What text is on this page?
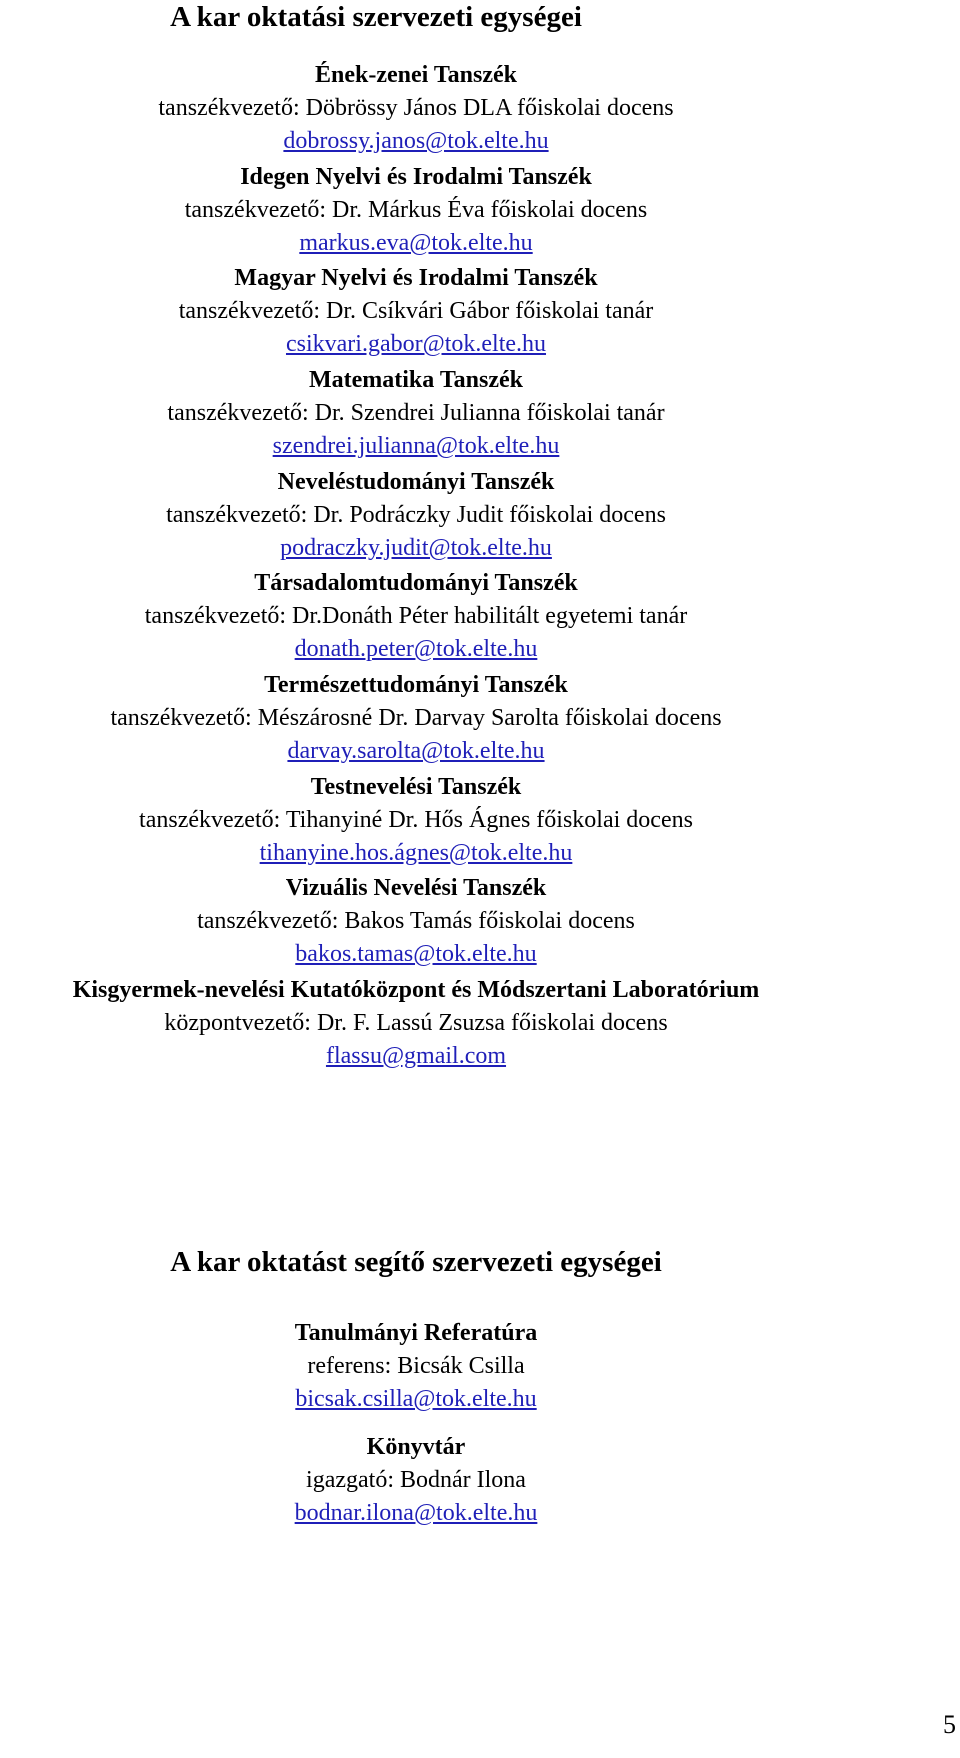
A kar oktatási szervezeti egységei
Ének-zenei Tanszék
tanszékvezető: Döbrössy János DLA főiskolai docens
dobrossy.janos@tok.elte.hu
Idegen Nyelvi és Irodalmi Tanszék
tanszékvezető: Dr. Márkus Éva főiskolai docens
markus.eva@tok.elte.hu
Magyar Nyelvi és Irodalmi Tanszék
tanszékvezető: Dr. Csíkvári Gábor főiskolai tanár
csikvari.gabor@tok.elte.hu
Matematika Tanszék
tanszékvezető: Dr. Szendrei Julianna főiskolai tanár
szendrei.julianna@tok.elte.hu
Neveléstudományi Tanszék
tanszékvezető: Dr. Podráczky Judit főiskolai docens
podraczky.judit@tok.elte.hu
Társadalomtudományi Tanszék
tanszékvezető: Dr.Donáth Péter habilitált egyetemi tanár
donath.peter@tok.elte.hu
Természettudományi Tanszék
tanszékvezető: Mészárosné Dr. Darvay Sarolta főiskolai docens
darvay.sarolta@tok.elte.hu
Testnevelési Tanszék
tanszékvezető: Tihanyiné Dr. Hős Ágnes főiskolai docens
tihanyine.hos.ágnes@tok.elte.hu
Vizuális Nevelési Tanszék
tanszékvezető: Bakos Tamás főiskolai docens
bakos.tamas@tok.elte.hu
Kisgyermek-nevelési Kutatóközpont és Módszertani Laboratórium
központvezető: Dr. F. Lassú Zsuzsa főiskolai docens
flassu@gmail.com
A kar oktatást segítő szervezeti egységei
Tanulmányi Referatúra
referens: Bicsák Csilla
bicsak.csilla@tok.elte.hu
Könyvtár
igazgató: Bodnár Ilona
bodnar.ilona@tok.elte.hu
5
